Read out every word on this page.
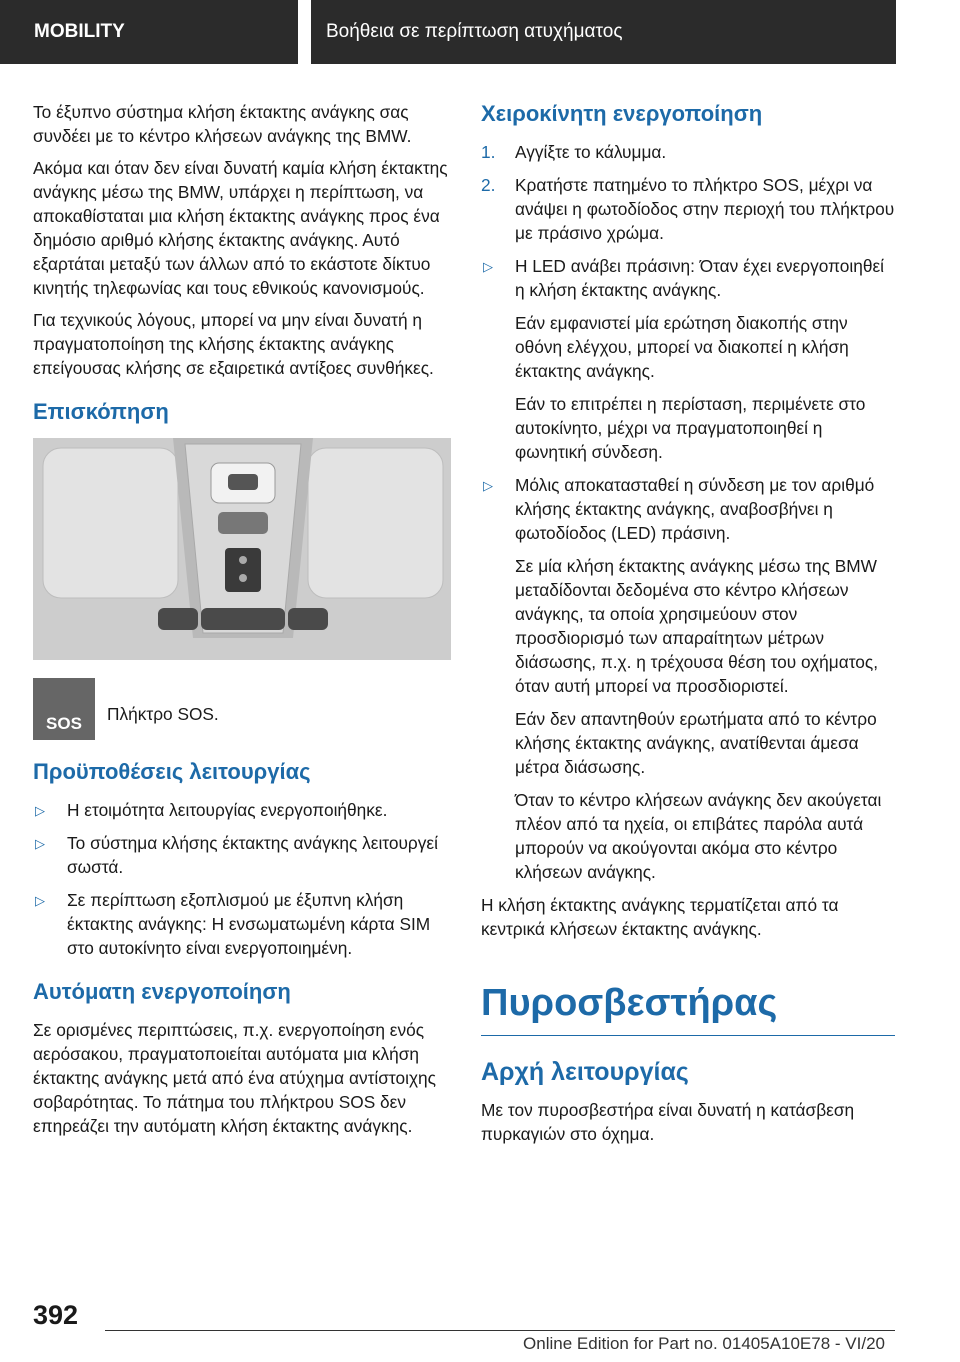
MOBILITY	Βοήθεια σε περίπτωση ατυχήματος

Το έξυπνο σύστημα κλήση έκτακτης ανάγκης σας συνδέει με το κέντρο κλήσεων ανάγκης της BMW.

Ακόμα και όταν δεν είναι δυνατή καμία κλήση έκτακτης ανάγκης μέσω της BMW, υπάρχει η περίπτωση, να αποκαθίσταται μια κλήση έκτακτης ανάγκης προς ένα δημόσιο αριθμό κλήσης έκτακτης ανάγκης. Αυτό εξαρτάται μεταξύ των άλλων από το εκάστοτε δίκτυο κινητής τηλεφωνίας και τους εθνικούς κανονισμούς.

Για τεχνικούς λόγους, μπορεί να μην είναι δυνατή η πραγματοποίηση της κλήσης έκτακτης ανάγκης επείγουσας κλήσης σε εξαιρετικά αντίξοες συνθήκες.

Επισκόπηση
SOS Πλήκτρο SOS.
Προϋποθέσεις λειτουργίας
▷ Η ετοιμότητα λειτουργίας ενεργοποιήθηκε.
▷ Το σύστημα κλήσης έκτακτης ανάγκης λειτουργεί σωστά.
▷ Σε περίπτωση εξοπλισμού με έξυπνη κλήση έκτακτης ανάγκης: Η ενσωματωμένη κάρτα SIM στο αυτοκίνητο είναι ενεργοποιημένη.
Αυτόματη ενεργοποίηση

Σε ορισμένες περιπτώσεις, π.χ. ενεργοποίηση ενός αερόσακου, πραγματοποιείται αυτόματα μια κλήση έκτακτης ανάγκης μετά από ένα ατύχημα αντίστοιχης σοβαρότητας. Το πάτημα του πλήκτρου SOS δεν επηρεάζει την αυτόματη κλήση έκτακτης ανάγκης.

Χειροκίνητη ενεργοποίηση
1. Αγγίξτε το κάλυμμα.
2. Κρατήστε πατημένο το πλήκτρο SOS, μέχρι να ανάψει η φωτοδίοδος στην περιοχή του πλήκτρου με πράσινο χρώμα.
▷ Η LED ανάβει πράσινη: Όταν έχει ενεργοποιηθεί η κλήση έκτακτης ανάγκης.
Εάν εμφανιστεί μία ερώτηση διακοπής στην οθόνη ελέγχου, μπορεί να διακοπεί η κλήση έκτακτης ανάγκης.
Εάν το επιτρέπει η περίσταση, περιμένετε στο αυτοκίνητο, μέχρι να πραγματοποιηθεί η φωνητική σύνδεση.
▷ Μόλις αποκατασταθεί η σύνδεση με τον αριθμό κλήσης έκτακτης ανάγκης, αναβοσβήνει η φωτοδίοδος (LED) πράσινη.
Σε μία κλήση έκτακτης ανάγκης μέσω της BMW μεταδίδονται δεδομένα στο κέντρο κλήσεων ανάγκης, τα οποία χρησιμεύουν στον προσδιορισμό των απαραίτητων μέτρων διάσωσης, π.χ. η τρέχουσα θέση του οχήματος, όταν αυτή μπορεί να προσδιοριστεί.
Εάν δεν απαντηθούν ερωτήματα από το κέντρο κλήσης έκτακτης ανάγκης, ανατίθενται άμεσα μέτρα διάσωσης.
Όταν το κέντρο κλήσεων ανάγκης δεν ακούγεται πλέον από τα ηχεία, οι επιβάτες παρόλα αυτά μπορούν να ακούγονται ακόμα στο κέντρο κλήσεων ανάγκης.

Η κλήση έκτακτης ανάγκης τερματίζεται από τα κεντρικά κλήσεων έκτακτης ανάγκης.

Πυροσβεστήρας
Αρχή λειτουργίας

Με τον πυροσβεστήρα είναι δυνατή η κατάσβεση πυρκαγιών στο όχημα.

392
Online Edition for Part no. 01405A10E78 - VI/20
